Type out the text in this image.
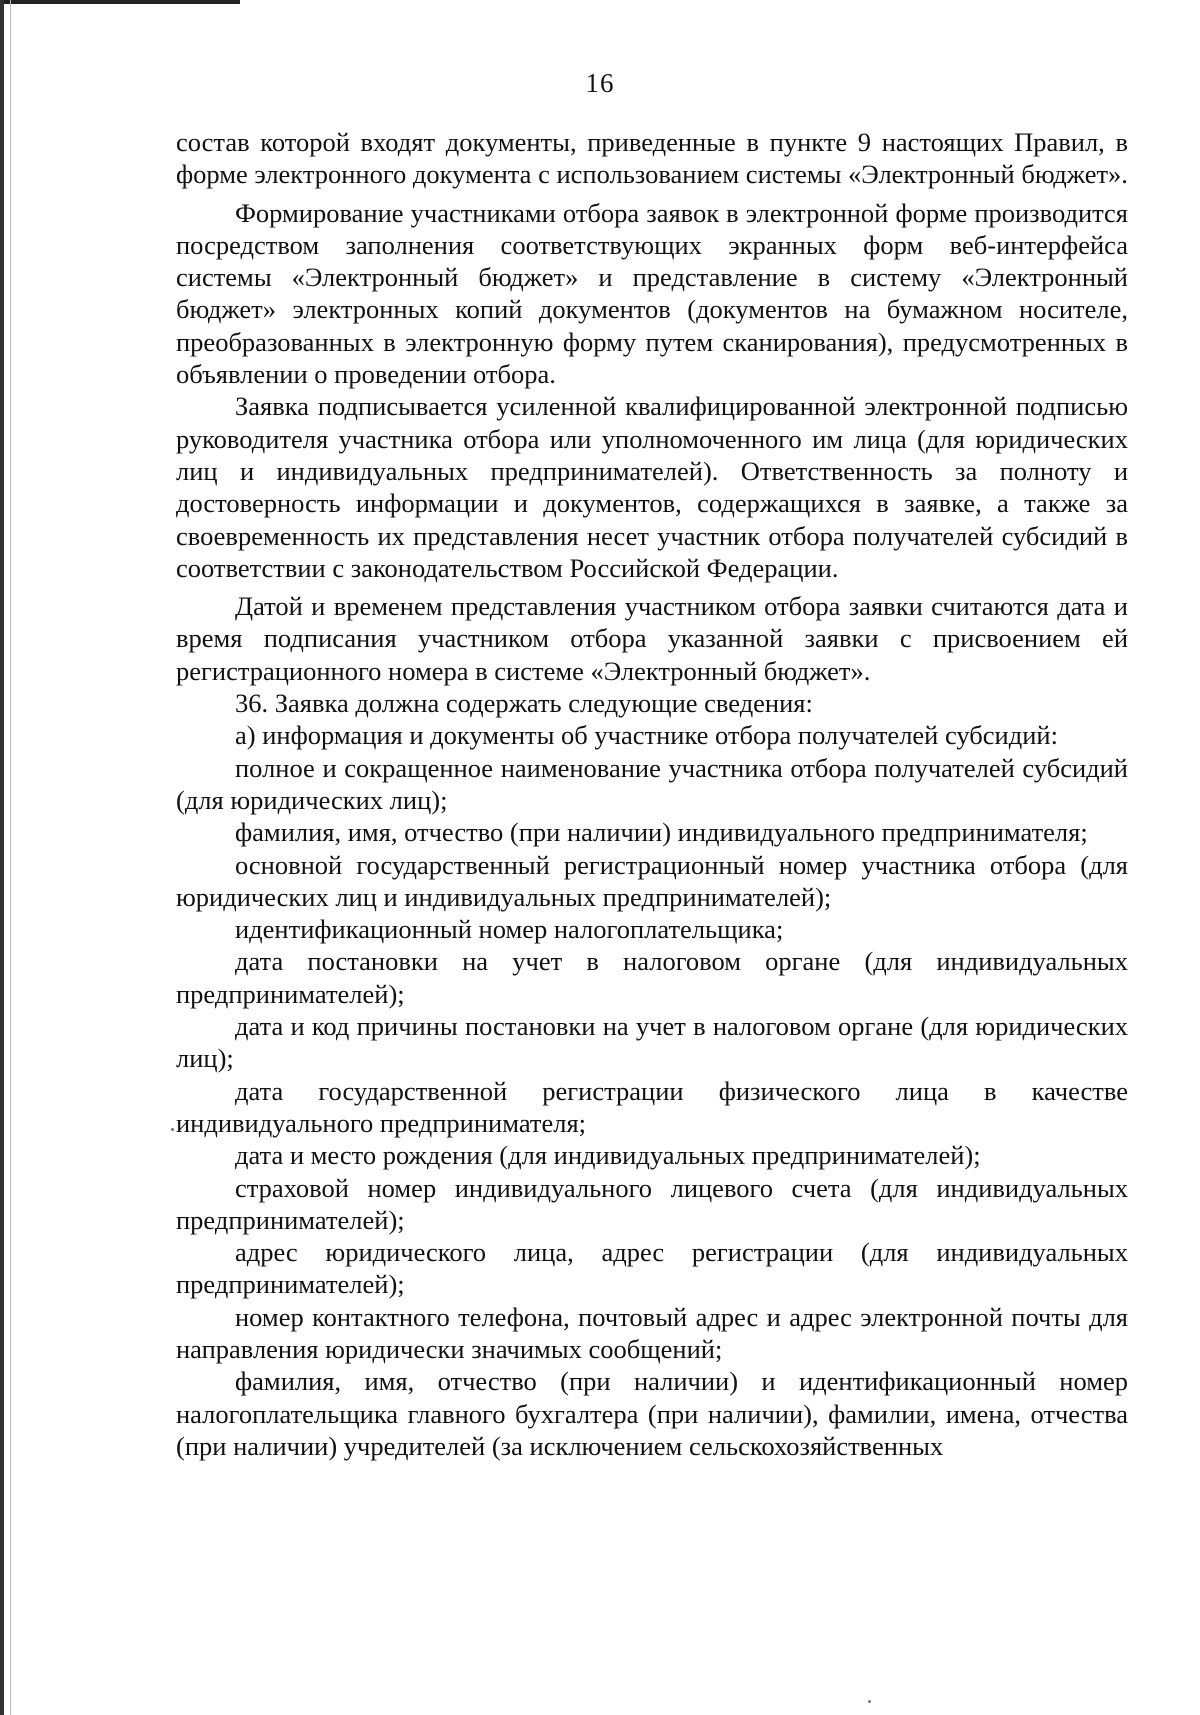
16

состав которой входят документы, приведенные в пункте 9 настоящих Правил, в форме электронного документа с использованием системы «Электронный бюджет».

Формирование участниками отбора заявок в электронной форме производится посредством заполнения соответствующих экранных форм веб-интерфейса системы «Электронный бюджет» и представление в систему «Электронный бюджет» электронных копий документов (документов на бумажном носителе, преобразованных в электронную форму путем сканирования), предусмотренных в объявлении о проведении отбора.

Заявка подписывается усиленной квалифицированной электронной подписью руководителя участника отбора или уполномоченного им лица (для юридических лиц и индивидуальных предпринимателей). Ответственность за полноту и достоверность информации и документов, содержащихся в заявке, а также за своевременность их представления несет участник отбора получателей субсидий в соответствии с законодательством Российской Федерации.

Датой и временем представления участником отбора заявки считаются дата и время подписания участником отбора указанной заявки с присвоением ей регистрационного номера в системе «Электронный бюджет».

36. Заявка должна содержать следующие сведения:

а) информация и документы об участнике отбора получателей субсидий:

полное и сокращенное наименование участника отбора получателей субсидий (для юридических лиц);

фамилия, имя, отчество (при наличии) индивидуального предпринимателя;

основной государственный регистрационный номер участника отбора (для юридических лиц и индивидуальных предпринимателей);

идентификационный номер налогоплательщика;

дата постановки на учет в налоговом органе (для индивидуальных предпринимателей);

дата и код причины постановки на учет в налоговом органе (для юридических лиц);

дата государственной регистрации физического лица в качестве индивидуального предпринимателя;

дата и место рождения (для индивидуальных предпринимателей);

страховой номер индивидуального лицевого счета (для индивидуальных предпринимателей);

адрес юридического лица, адрес регистрации (для индивидуальных предпринимателей);

номер контактного телефона, почтовый адрес и адрес электронной почты для направления юридически значимых сообщений;

фамилия, имя, отчество (при наличии) и идентификационный номер налогоплательщика главного бухгалтера (при наличии), фамилии, имена, отчества (при наличии) учредителей (за исключением сельскохозяйственных
